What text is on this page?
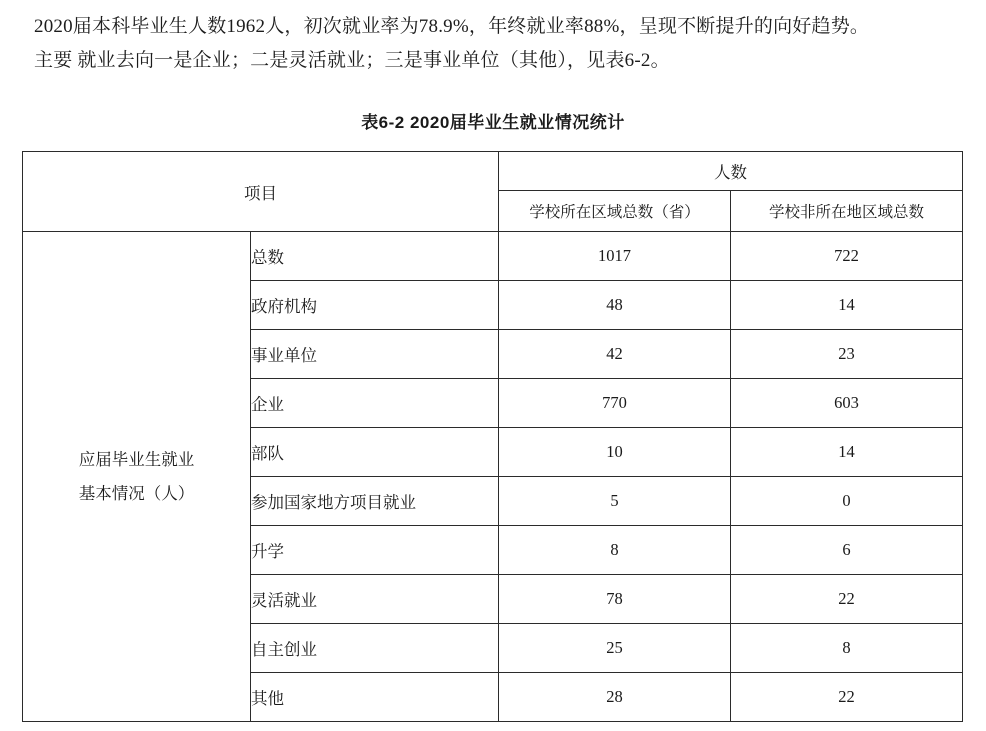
2020届本科毕业生人数1962人，初次就业率为78.9%，年终就业率88%，呈现不断提升的向好趋势。

主要 就业去向一是企业；二是灵活就业；三是事业单位（其他），见表6-2。

表6-2 2020届毕业生就业情况统计
项目		人数	
		学校所在区域总数（省）	学校非所在地区域总数
应届毕业生就业
基本情况（人）	总数	1017	722
	政府机构	48	14
	事业单位	42	23
	企业	770	603
	部队	10	14
	参加国家地方项目就业	5	0
	升学	8	6
	灵活就业	78	22
	自主创业	25	8
	其他	28	22
